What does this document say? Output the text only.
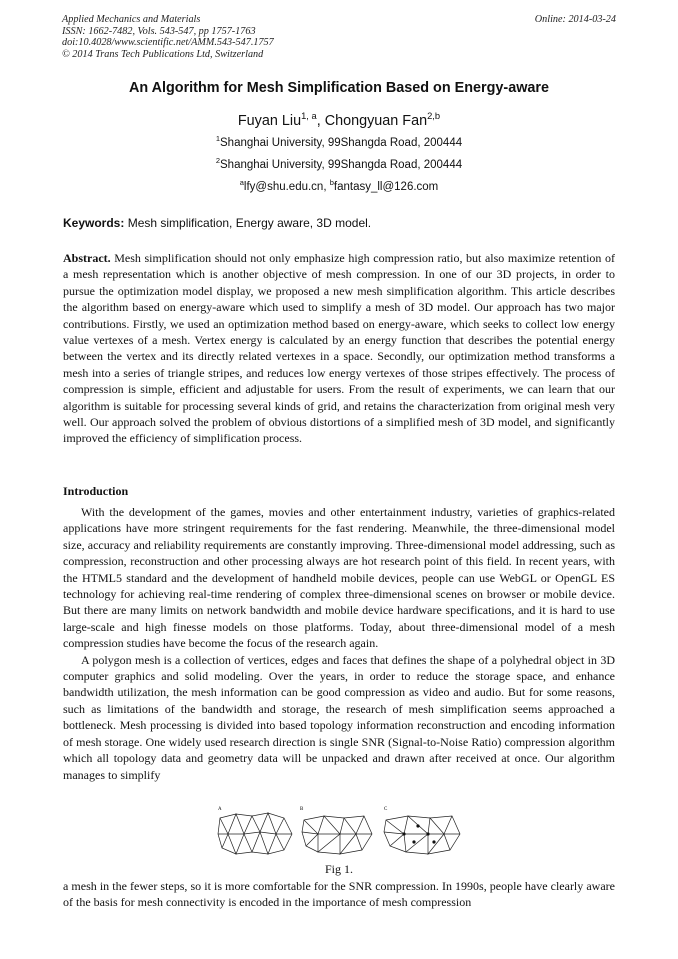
Applied Mechanics and Materials
ISSN: 1662-7482, Vols. 543-547, pp 1757-1763
doi:10.4028/www.scientific.net/AMM.543-547.1757
© 2014 Trans Tech Publications Ltd, Switzerland
Online: 2014-03-24
An Algorithm for Mesh Simplification Based on Energy-aware
Fuyan Liu$^{1, a}$, Chongyuan Fan$^{2,b}$
$^1$Shanghai University, 99Shangda Road, 200444
$^2$Shanghai University, 99Shangda Road, 200444
$^a$lfy@shu.edu.cn, $^b$fantasy_ll@126.com
Keywords: Mesh simplification, Energy aware, 3D model.

Abstract. Mesh simplification should not only emphasize high compression ratio, but also maximize retention of a mesh representation which is another objective of mesh compression. In one of our 3D projects, in order to pursue the optimization model display, we proposed a new mesh simplification algorithm. This article describes the algorithm based on energy-aware which used to simplify a mesh of 3D model. Our approach has two major contributions. Firstly, we used an optimization method based on energy-aware, which seeks to collect low energy value vertexes of a mesh. Vertex energy is calculated by an energy function that describes the potential energy between the vertex and its directly related vertexes in a space. Secondly, our optimization method transforms a mesh into a series of triangle stripes, and reduces low energy vertexes of those stripes effectively. The process of compression is simple, efficient and adjustable for users. From the result of experiments, we can learn that our algorithm is suitable for processing several kinds of grid, and retains the characterization from original mesh very well. Our approach solved the problem of obvious distortions of a simplified mesh of 3D model, and significantly improved the efficiency of simplification process.

Introduction

With the development of the games, movies and other entertainment industry, varieties of graphics-related applications have more stringent requirements for the fast rendering. Meanwhile, the three-dimensional model size, accuracy and reliability requirements are constantly improving. Three-dimensional model addressing, such as compression, reconstruction and other processing always are hot research point of this field. In recent years, with the HTML5 standard and the development of handheld mobile devices, people can use WebGL or OpenGL ES technology for achieving real-time rendering of complex three-dimensional scenes on browser or mobile device. But there are many limits on network bandwidth and mobile device hardware specifications, and it is hard to use large-scale and high finesse models on those platforms. Today, about three-dimensional model of a mesh compression studies have become the focus of the research again.

A polygon mesh is a collection of vertices, edges and faces that defines the shape of a polyhedral object in 3D computer graphics and solid modeling. Over the years, in order to reduce the storage space, and enhance bandwidth utilization, the mesh information can be good compression as video and audio. But for some reasons, such as limitations of the bandwidth and storage, the research of mesh simplification seems approached a bottleneck. Mesh processing is divided into based topology information reconstruction and encoding information of mesh storage. One widely used research direction is single SNR (Signal-to-Noise Ratio) compression algorithm which all topology data and geometry data will be unpacked and drawn after received at once. Our algorithm manages to simplify

A	B	C
Fig 1.

a mesh in the fewer steps, so it is more comfortable for the SNR compression. In 1990s, people have clearly aware of the basis for mesh connectivity is encoded in the importance of mesh compression
